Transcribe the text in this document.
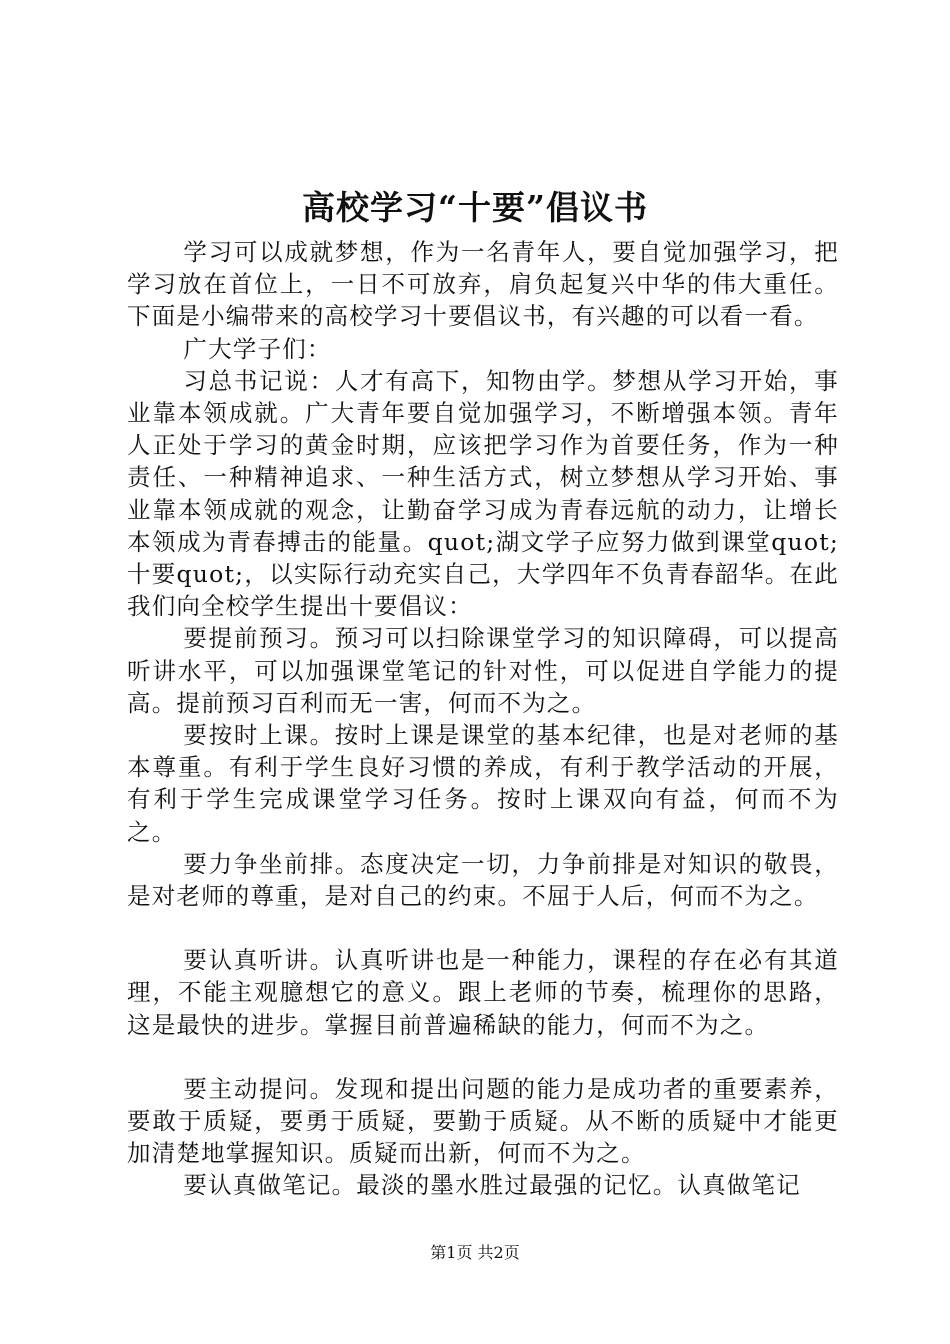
高校学习“十要”倡议书

学习可以成就梦想，作为一名青年人，要自觉加强学习，把学习放在首位上，一日不可放弃，肩负起复兴中华的伟大重任。下面是小编带来的高校学习十要倡议书，有兴趣的可以看一看。

广大学子们：

习总书记说：人才有高下，知物由学。梦想从学习开始，事业靠本领成就。广大青年要自觉加强学习，不断增强本领。青年人正处于学习的黄金时期，应该把学习作为首要任务，作为一种责任、一种精神追求、一种生活方式，树立梦想从学习开始、事业靠本领成就的观念，让勤奋学习成为青春远航的动力，让增长本领成为青春搏击的能量。quot;湖文学子应努力做到课堂quot;十要quot;，以实际行动充实自己，大学四年不负青春韶华。在此我们向全校学生提出十要倡议：

要提前预习。预习可以扫除课堂学习的知识障碍，可以提高听讲水平，可以加强课堂笔记的针对性，可以促进自学能力的提高。提前预习百利而无一害，何而不为之。

要按时上课。按时上课是课堂的基本纪律，也是对老师的基本尊重。有利于学生良好习惯的养成，有利于教学活动的开展，有利于学生完成课堂学习任务。按时上课双向有益，何而不为之。

要力争坐前排。态度决定一切，力争前排是对知识的敬畏，是对老师的尊重，是对自己的约束。不屈于人后，何而不为之。

要认真听讲。认真听讲也是一种能力，课程的存在必有其道理，不能主观臆想它的意义。跟上老师的节奏，梳理你的思路，这是最快的进步。掌握目前普遍稀缺的能力，何而不为之。

要主动提问。发现和提出问题的能力是成功者的重要素养，要敢于质疑，要勇于质疑，要勤于质疑。从不断的质疑中才能更加清楚地掌握知识。质疑而出新，何而不为之。

要认真做笔记。最淡的墨水胜过最强的记忆。认真做笔记

第1页 共2页
